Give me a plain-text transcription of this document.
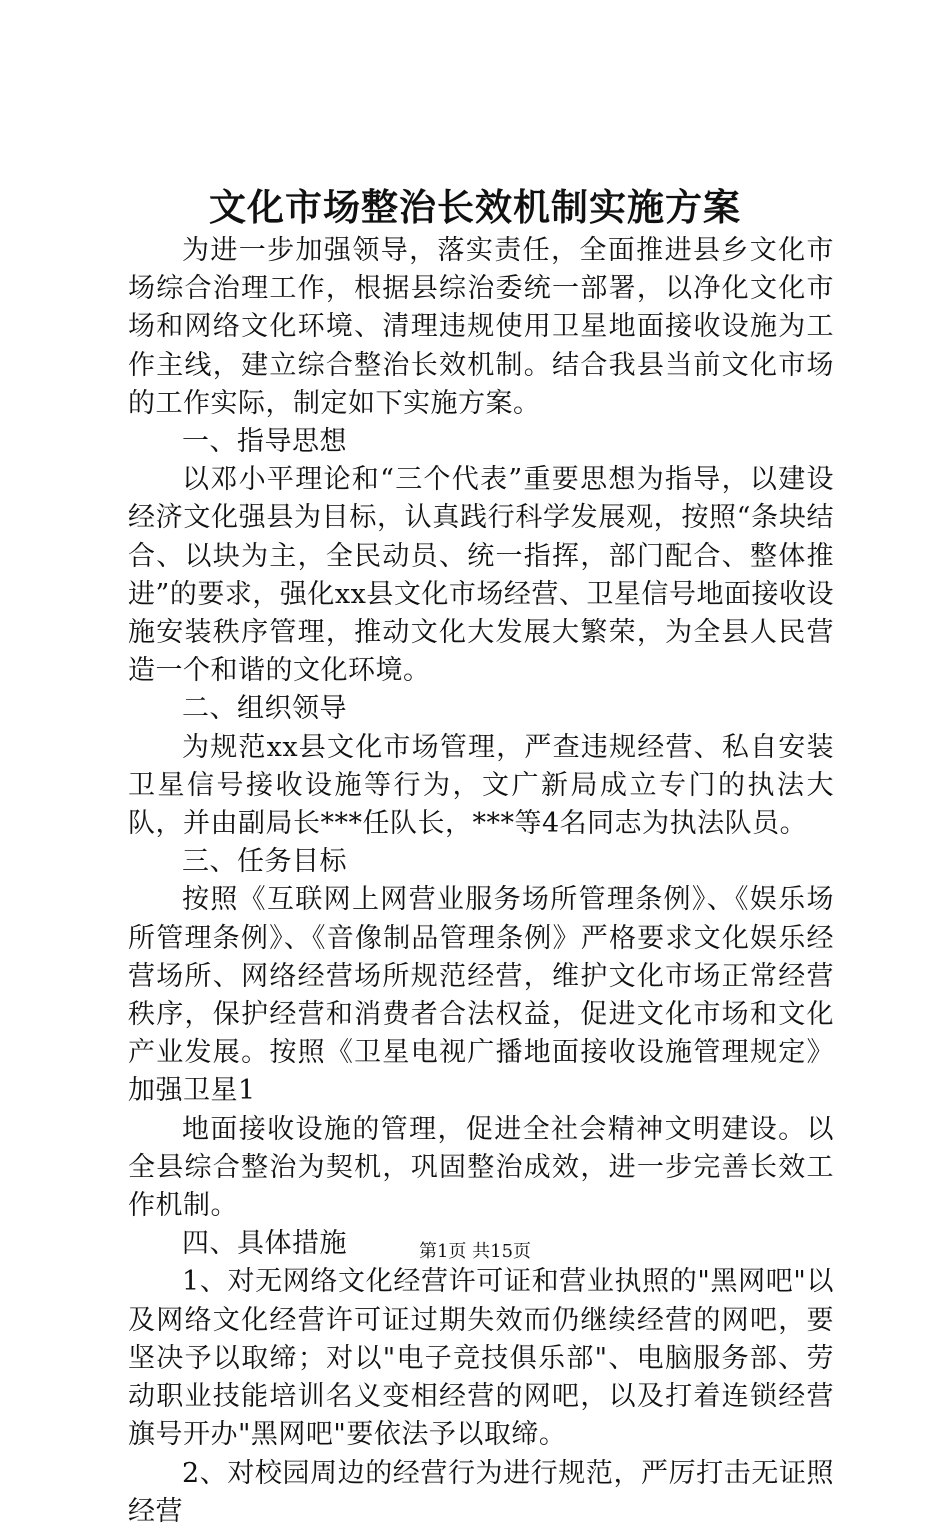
文化市场整治长效机制实施方案

为进一步加强领导，落实责任，全面推进县乡文化市场综合治理工作，根据县综治委统一部署，以净化文化市场和网络文化环境、清理违规使用卫星地面接收设施为工作主线，建立综合整治长效机制。结合我县当前文化市场的工作实际，制定如下实施方案。

一、指导思想

以邓小平理论和“三个代表”重要思想为指导，以建设经济文化强县为目标，认真践行科学发展观，按照“条块结合、以块为主，全民动员、统一指挥，部门配合、整体推进”的要求，强化xx县文化市场经营、卫星信号地面接收设施安装秩序管理，推动文化大发展大繁荣，为全县人民营造一个和谐的文化环境。

二、组织领导

为规范xx县文化市场管理，严查违规经营、私自安装卫星信号接收设施等行为，文广新局成立专门的执法大队，并由副局长***任队长，***等4名同志为执法队员。

三、任务目标

按照《互联网上网营业服务场所管理条例》、《娱乐场所管理条例》、《音像制品管理条例》严格要求文化娱乐经营场所、网络经营场所规范经营，维护文化市场正常经营秩序，保护经营和消费者合法权益，促进文化市场和文化产业发展。按照《卫星电视广播地面接收设施管理规定》加强卫星1

地面接收设施的管理，促进全社会精神文明建设。以全县综合整治为契机，巩固整治成效，进一步完善长效工作机制。

四、具体措施

1、对无网络文化经营许可证和营业执照的"黑网吧"以及网络文化经营许可证过期失效而仍继续经营的网吧，要坚决予以取缔；对以"电子竞技俱乐部"、电脑服务部、劳动职业技能培训名义变相经营的网吧，以及打着连锁经营旗号开办"黑网吧"要依法予以取缔。

2、对校园周边的经营行为进行规范，严厉打击无证照经营

第1页 共15页
